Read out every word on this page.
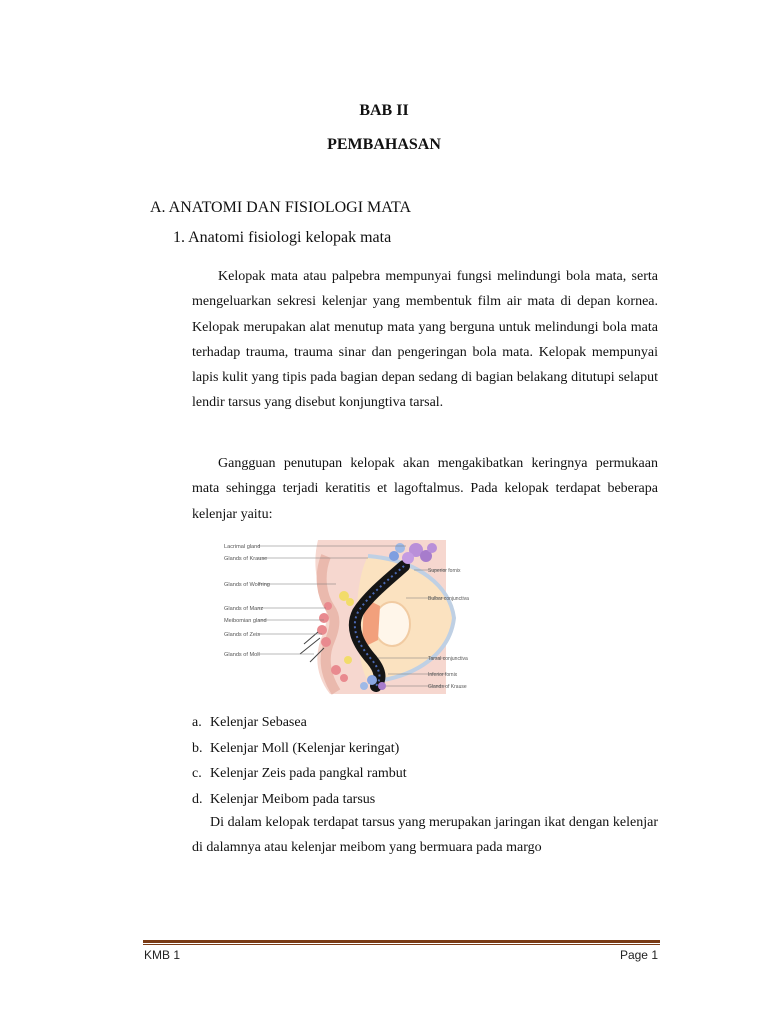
BAB II
PEMBAHASAN
A. ANATOMI DAN FISIOLOGI MATA
1. Anatomi fisiologi kelopak mata

Kelopak mata atau palpebra mempunyai fungsi melindungi bola mata, serta mengeluarkan sekresi kelenjar yang membentuk film air mata di depan kornea. Kelopak merupakan alat menutup mata yang berguna untuk melindungi bola mata terhadap trauma, trauma sinar dan pengeringan bola mata. Kelopak mempunyai lapis kulit yang tipis pada bagian depan sedang di bagian belakang ditutupi selaput lendir tarsus yang disebut konjungtiva tarsal.

Gangguan penutupan kelopak akan mengakibatkan keringnya permukaan mata sehingga terjadi keratitis et lagoftalmus. Pada kelopak terdapat beberapa kelenjar yaitu:

Lacrimal gland
Glands of Krause
Glands of Wolfring
Glands of Manz
Meibomian gland
Glands of Zeis
Glands of Moll
Superior fornix
Bulbar conjunctiva
Tarsal conjunctiva
Inferior fornix
Glands of Krause
a. Kelenjar Sebasea
b. Kelenjar Moll (Kelenjar keringat)
c. Kelenjar Zeis pada pangkal rambut
d. Kelenjar Meibom pada tarsus

Di dalam kelopak terdapat tarsus yang merupakan jaringan ikat dengan kelenjar di dalamnya atau kelenjar meibom yang bermuara pada margo

KMB 1	Page 1
